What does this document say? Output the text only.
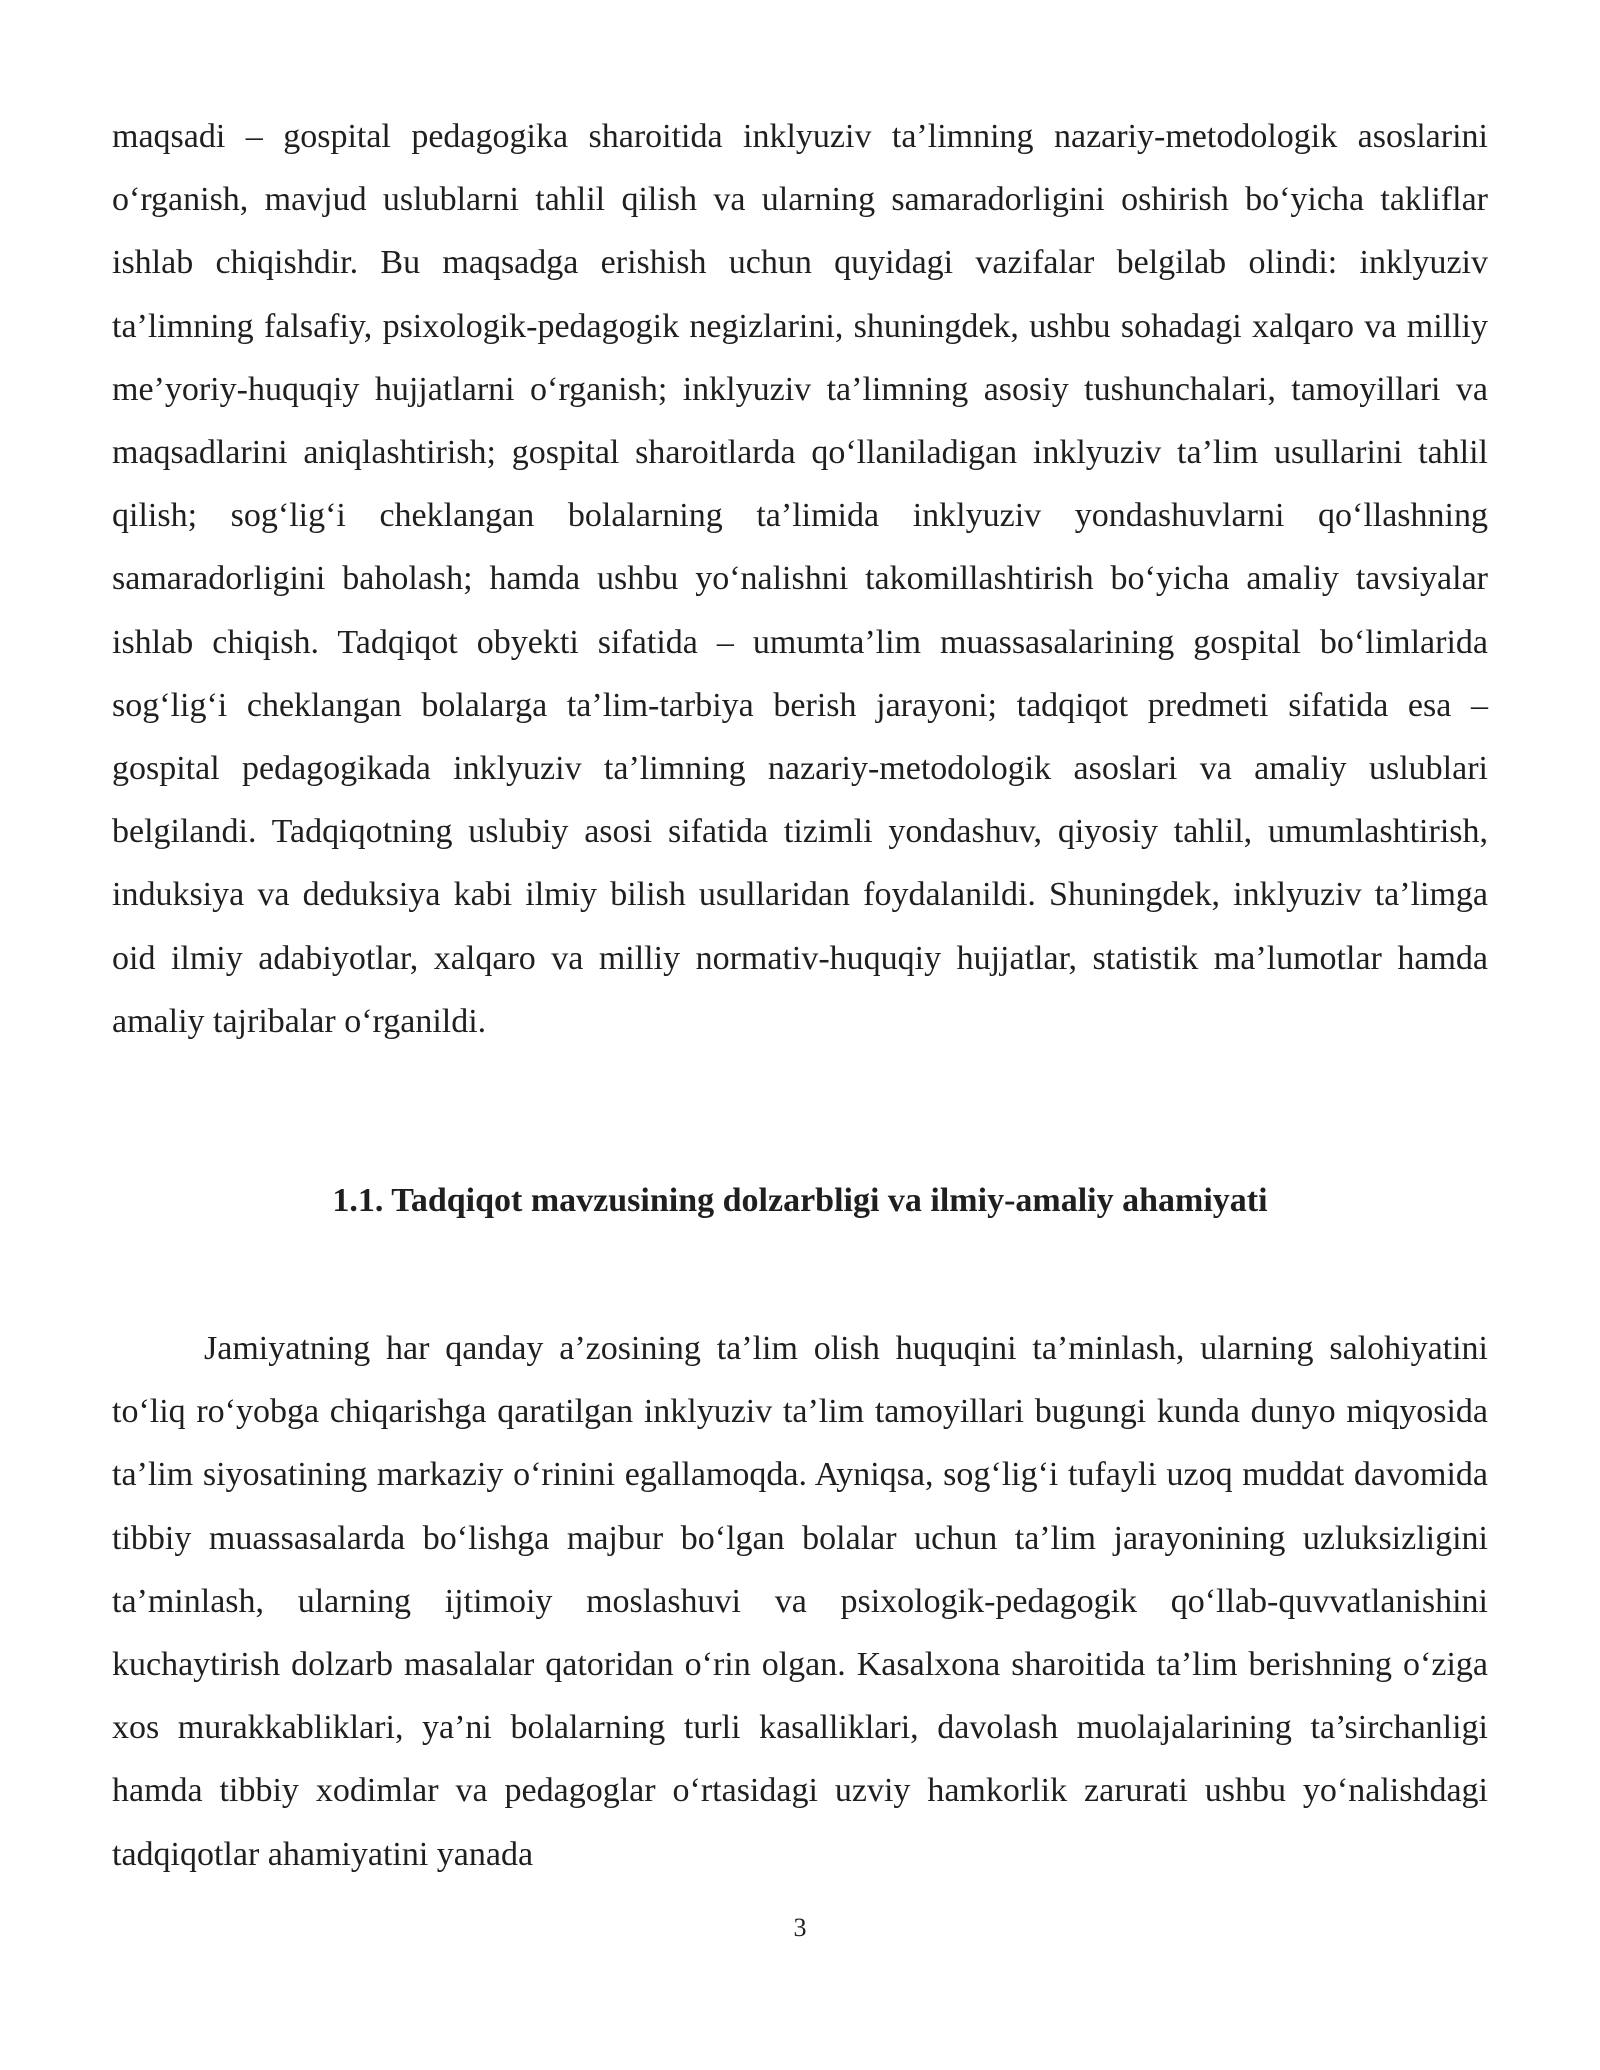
maqsadi – gospital pedagogika sharoitida inklyuziv ta’limning nazariy-metodologik asoslarini o‘rganish, mavjud uslublarni tahlil qilish va ularning samaradorligini oshirish bo‘yicha takliflar ishlab chiqishdir. Bu maqsadga erishish uchun quyidagi vazifalar belgilab olindi: inklyuziv ta’limning falsafiy, psixologik-pedagogik negizlarini, shuningdek, ushbu sohadagi xalqaro va milliy me’yoriy-huquqiy hujjatlarni o‘rganish; inklyuziv ta’limning asosiy tushunchalari, tamoyillari va maqsadlarini aniqlashtirish; gospital sharoitlarda qo‘llaniladigan inklyuziv ta’lim usullarini tahlil qilish; sog‘lig‘i cheklangan bolalarning ta’limida inklyuziv yondashuvlarni qo‘llashning samaradorligini baholash; hamda ushbu yo‘nalishni takomillashtirish bo‘yicha amaliy tavsiyalar ishlab chiqish. Tadqiqot obyekti sifatida – umumta’lim muassasalarining gospital bo‘limlarida sog‘lig‘i cheklangan bolalarga ta’lim-tarbiya berish jarayoni; tadqiqot predmeti sifatida esa – gospital pedagogikada inklyuziv ta’limning nazariy-metodologik asoslari va amaliy uslublari belgilandi. Tadqiqotning uslubiy asosi sifatida tizimli yondashuv, qiyosiy tahlil, umumlashtirish, induksiya va deduksiya kabi ilmiy bilish usullaridan foydalanildi. Shuningdek, inklyuziv ta’limga oid ilmiy adabiyotlar, xalqaro va milliy normativ-huquqiy hujjatlar, statistik ma’lumotlar hamda amaliy tajribalar o‘rganildi.

1.1. Tadqiqot mavzusining dolzarbligi va ilmiy-amaliy ahamiyati

Jamiyatning har qanday a’zosining ta’lim olish huquqini ta’minlash, ularning salohiyatini to‘liq ro‘yobga chiqarishga qaratilgan inklyuziv ta’lim tamoyillari bugungi kunda dunyo miqyosida ta’lim siyosatining markaziy o‘rinini egallamoqda. Ayniqsa, sog‘lig‘i tufayli uzoq muddat davomida tibbiy muassasalarda bo‘lishga majbur bo‘lgan bolalar uchun ta’lim jarayonining uzluksizligini ta’minlash, ularning ijtimoiy moslashuvi va psixologik-pedagogik qo‘llab-quvvatlanishini kuchaytirish dolzarb masalalar qatoridan o‘rin olgan. Kasalxona sharoitida ta’lim berishning o‘ziga xos murakkabliklari, ya’ni bolalarning turli kasalliklari, davolash muolajalarining ta’sirchanligi hamda tibbiy xodimlar va pedagoglar o‘rtasidagi uzviy hamkorlik zarurati ushbu yo‘nalishdagi tadqiqotlar ahamiyatini yanada

3
